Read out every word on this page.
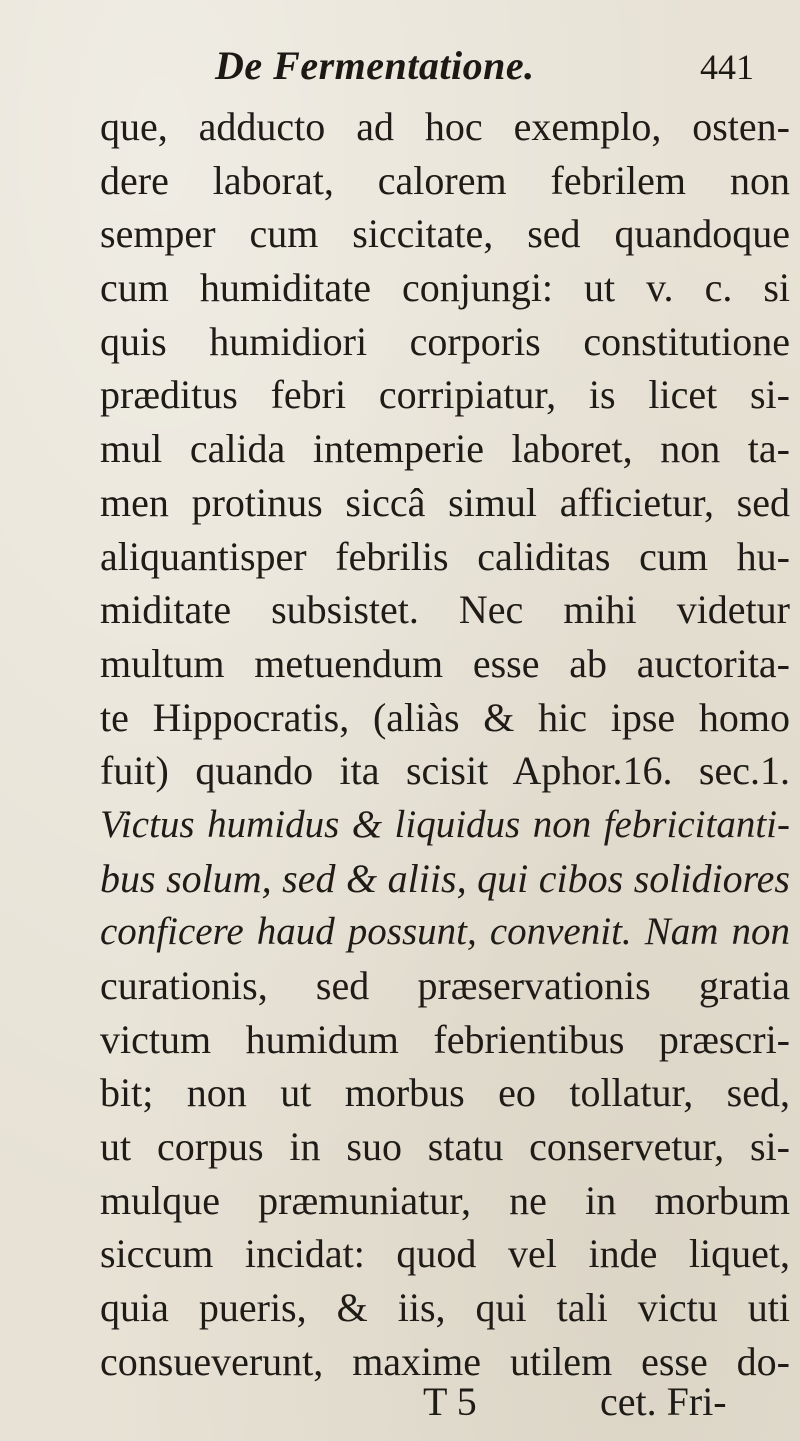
De Fermentatione.	441
que, adducto ad hoc exemplo, osten-
dere laborat, calorem febrilem non
semper cum siccitate, sed quandoque
cum humiditate conjungi: ut v. c. si
quis humidiori corporis constitutione
præditus febri corripiatur, is licet si-
mul calida intemperie laboret, non ta-
men protinus siccâ simul afficietur, sed
aliquantisper febrilis caliditas cum hu-
miditate subsistet. Nec mihi videtur
multum metuendum esse ab auctorita-
te Hippocratis, (aliàs & hic ipse homo
fuit) quando ita scisit Aphor.16. sec.1.
Victus humidus & liquidus non febricitanti-
bus solum, sed & aliis, qui cibos solidiores
conficere haud possunt, convenit. Nam non
curationis, sed præservationis gratia
victum humidum febrientibus præscri-
bit; non ut morbus eo tollatur, sed,
ut corpus in suo statu conservetur, si-
mulque præmuniatur, ne in morbum
siccum incidat: quod vel inde liquet,
quia pueris, & iis, qui tali victu uti
consueverunt, maxime utilem esse do-
T 5	cet. Fri-
